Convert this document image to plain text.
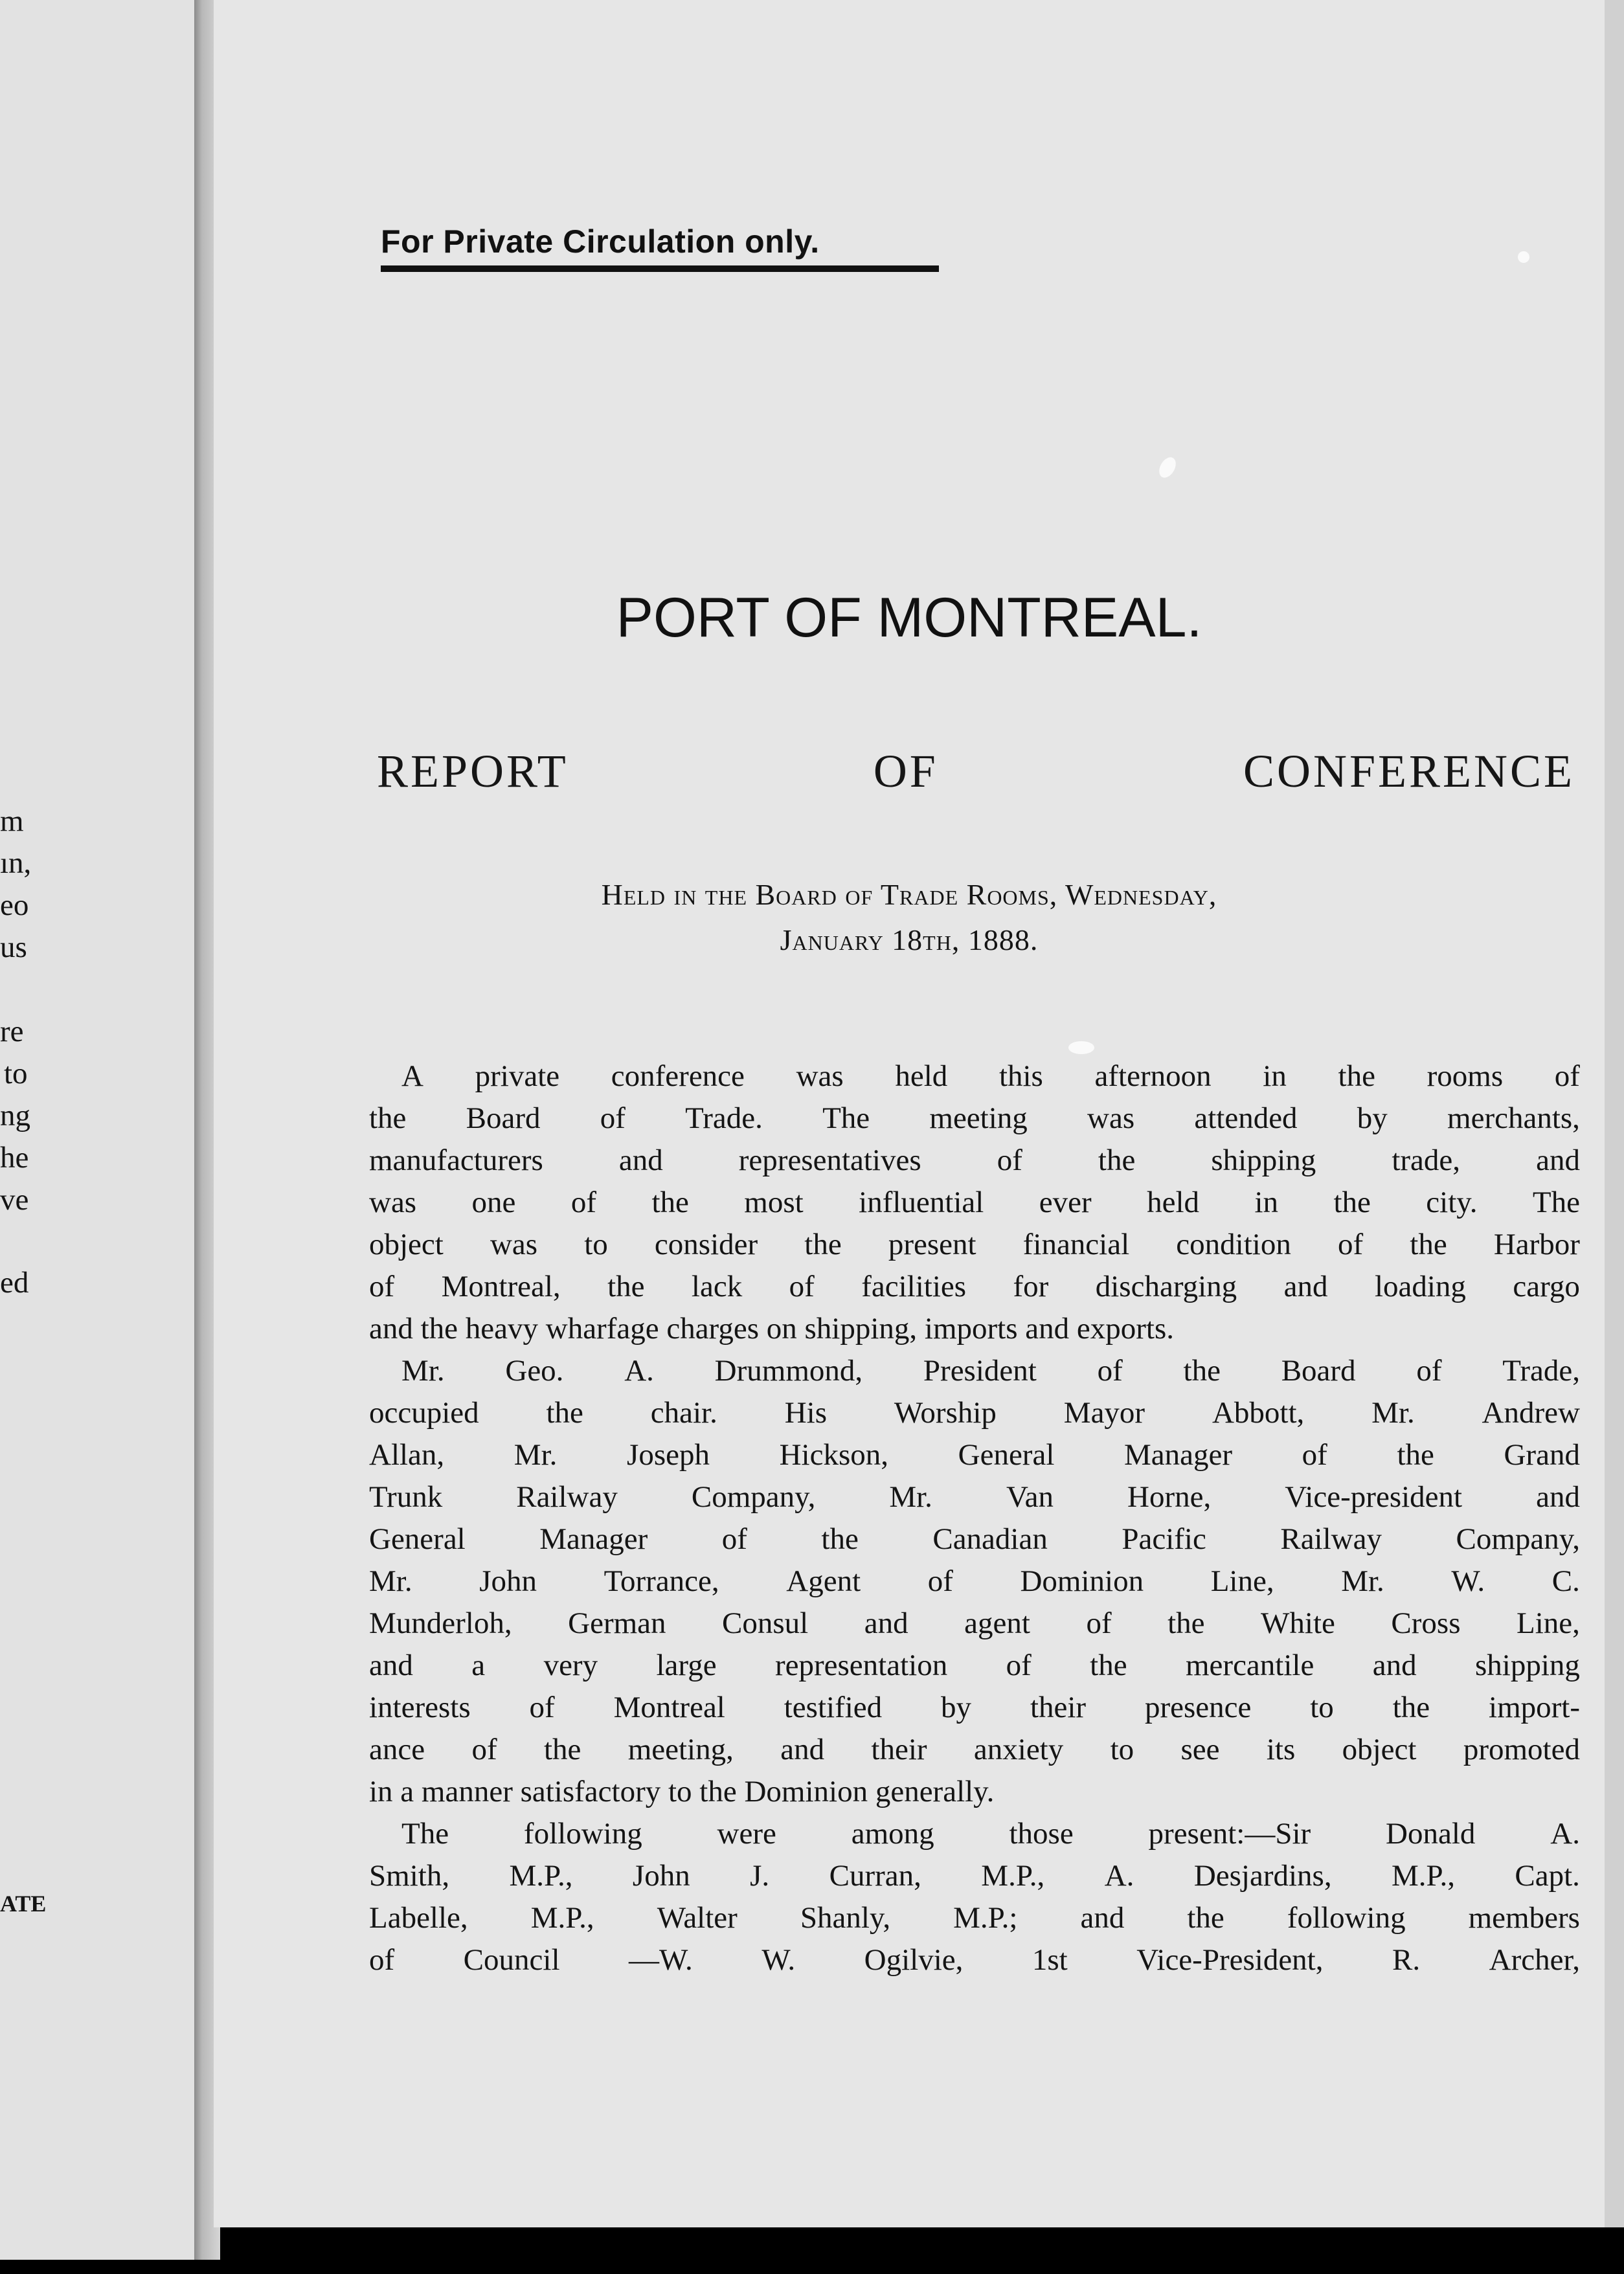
m
ın,
eo
us
re
to
ng
he
ve
ed
ATE
For Private Circulation only.
PORT OF MONTREAL.
REPORT	OF	CONFERENCE
Held in the Board of Trade Rooms, Wednesday,
January 18th, 1888.
A private conference was held this afternoon in the rooms of
the Board of Trade. The meeting was attended by merchants,
manufacturers and representatives of the shipping trade, and
was one of the most influential ever held in the city. The
object was to consider the present financial condition of the Harbor
of Montreal, the lack of facilities for discharging and loading cargo
and the heavy wharfage charges on shipping, imports and exports.
Mr. Geo. A. Drummond, President of the Board of Trade,
occupied the chair. His Worship Mayor Abbott, Mr. Andrew
Allan, Mr. Joseph Hickson, General Manager of the Grand
Trunk Railway Company, Mr. Van Horne, Vice-president and
General Manager of the Canadian Pacific Railway Company,
Mr. John Torrance, Agent of Dominion Line, Mr. W. C.
Munderloh, German Consul and agent of the White Cross Line,
and a very large representation of the mercantile and shipping
interests of Montreal testified by their presence to the import-
ance of the meeting, and their anxiety to see its object promoted
in a manner satisfactory to the Dominion generally.
The following were among those present:—Sir Donald A.
Smith, M.P., John J. Curran, M.P., A. Desjardins, M.P., Capt.
Labelle, M.P., Walter Shanly, M.P.; and the following members
of Council —W. W. Ogilvie, 1st Vice-President, R. Archer,
